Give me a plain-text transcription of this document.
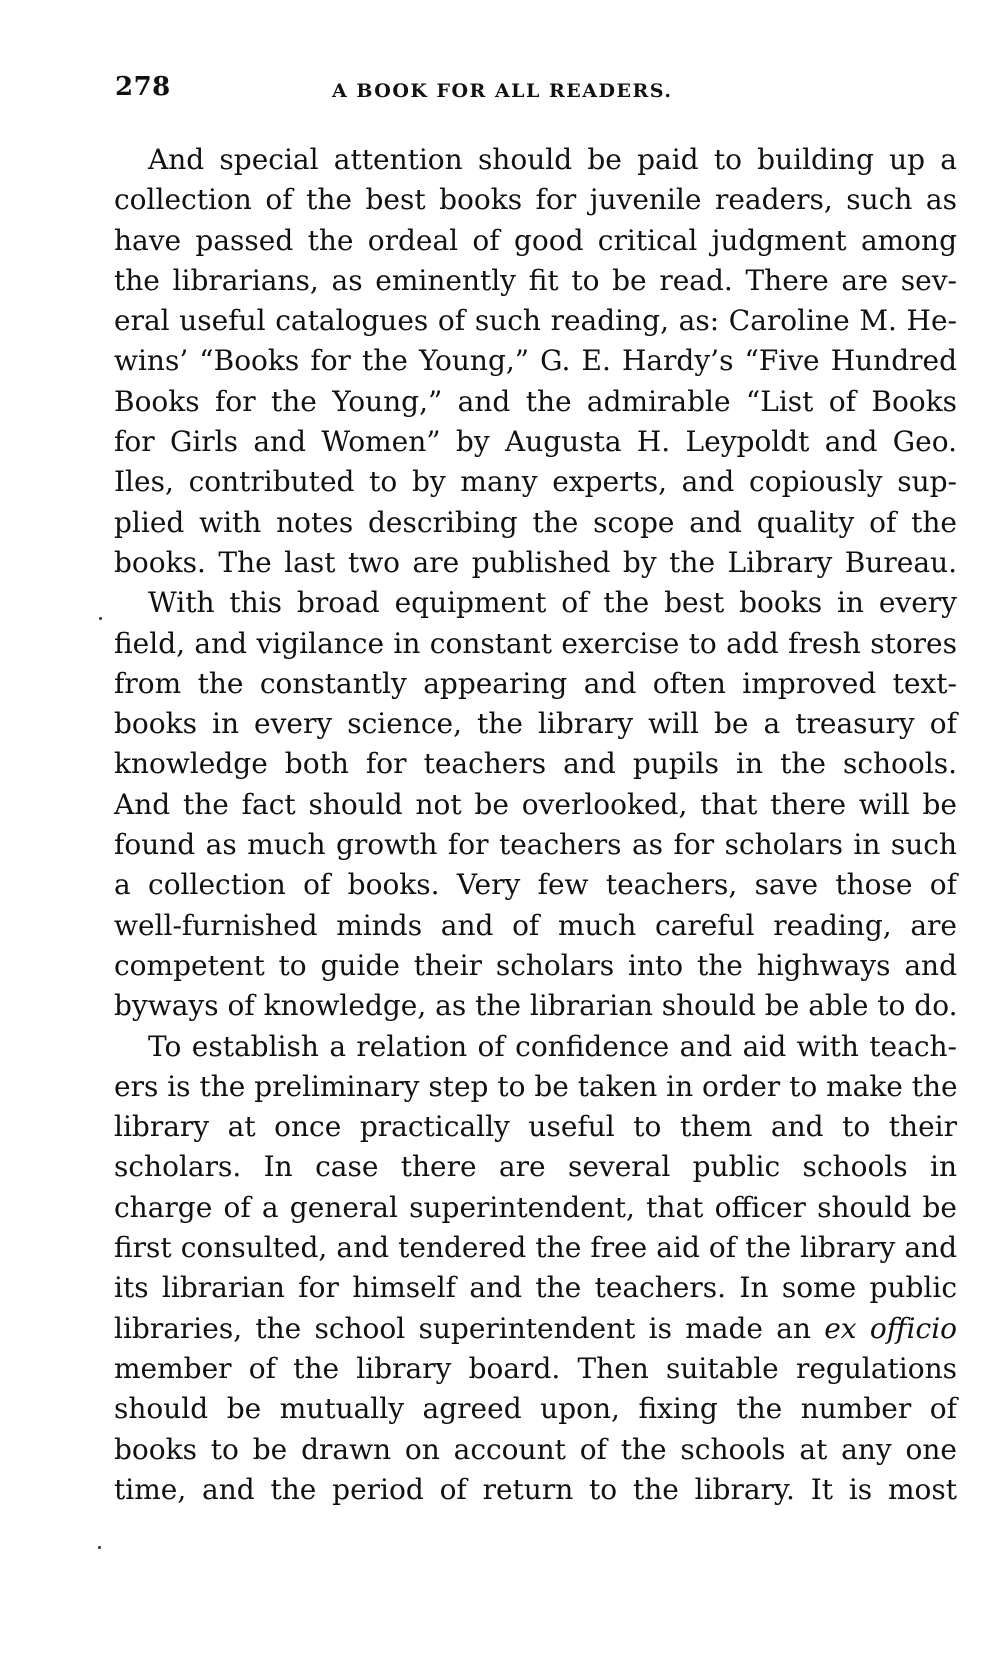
278	A BOOK FOR ALL READERS.
And special attention should be paid to building up a
collection of the best books for juvenile readers, such as
have passed the ordeal of good critical judgment among
the librarians, as eminently fit to be read. There are sev-
eral useful catalogues of such reading, as: Caroline M. He-
wins’ “Books for the Young,” G. E. Hardy’s “Five Hundred
Books for the Young,” and the admirable “List of Books
for Girls and Women” by Augusta H. Leypoldt and Geo.
Iles, contributed to by many experts, and copiously sup-
plied with notes describing the scope and quality of the
books. The last two are published by the Library Bureau.
With this broad equipment of the best books in every
field, and vigilance in constant exercise to add fresh stores
from the constantly appearing and often improved text-
books in every science, the library will be a treasury of
knowledge both for teachers and pupils in the schools.
And the fact should not be overlooked, that there will be
found as much growth for teachers as for scholars in such
a collection of books. Very few teachers, save those of
well-furnished minds and of much careful reading, are
competent to guide their scholars into the highways and
byways of knowledge, as the librarian should be able to do.
To establish a relation of confidence and aid with teach-
ers is the preliminary step to be taken in order to make the
library at once practically useful to them and to their
scholars. In case there are several public schools in
charge of a general superintendent, that officer should be
first consulted, and tendered the free aid of the library and
its librarian for himself and the teachers. In some public
libraries, the school superintendent is made an ex officio
member of the library board. Then suitable regulations
should be mutually agreed upon, fixing the number of
books to be drawn on account of the schools at any one
time, and the period of return to the library. It is most
